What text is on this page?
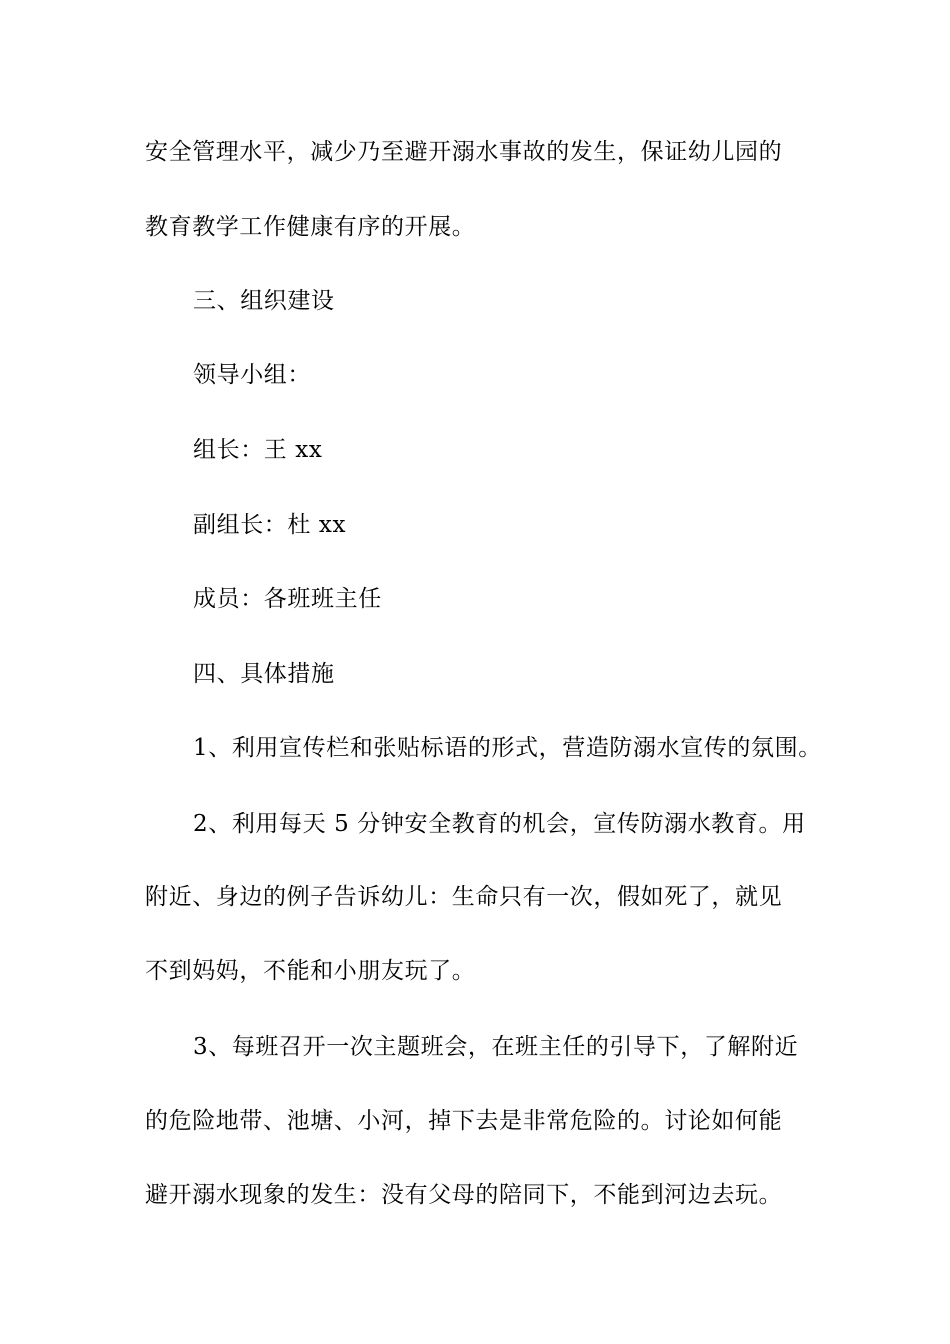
安全管理水平，减少乃至避开溺水事故的发生，保证幼儿园的
教育教学工作健康有序的开展。
三、组织建设
领导小组：
组长：王 xx
副组长：杜 xx
成员：各班班主任
四、具体措施
1、利用宣传栏和张贴标语的形式，营造防溺水宣传的氛围。
2、利用每天 5 分钟安全教育的机会，宣传防溺水教育。用
附近、身边的例子告诉幼儿：生命只有一次，假如死了，就见
不到妈妈，不能和小朋友玩了。
3、每班召开一次主题班会，在班主任的引导下，了解附近
的危险地带、池塘、小河，掉下去是非常危险的。讨论如何能
避开溺水现象的发生：没有父母的陪同下，不能到河边去玩。
